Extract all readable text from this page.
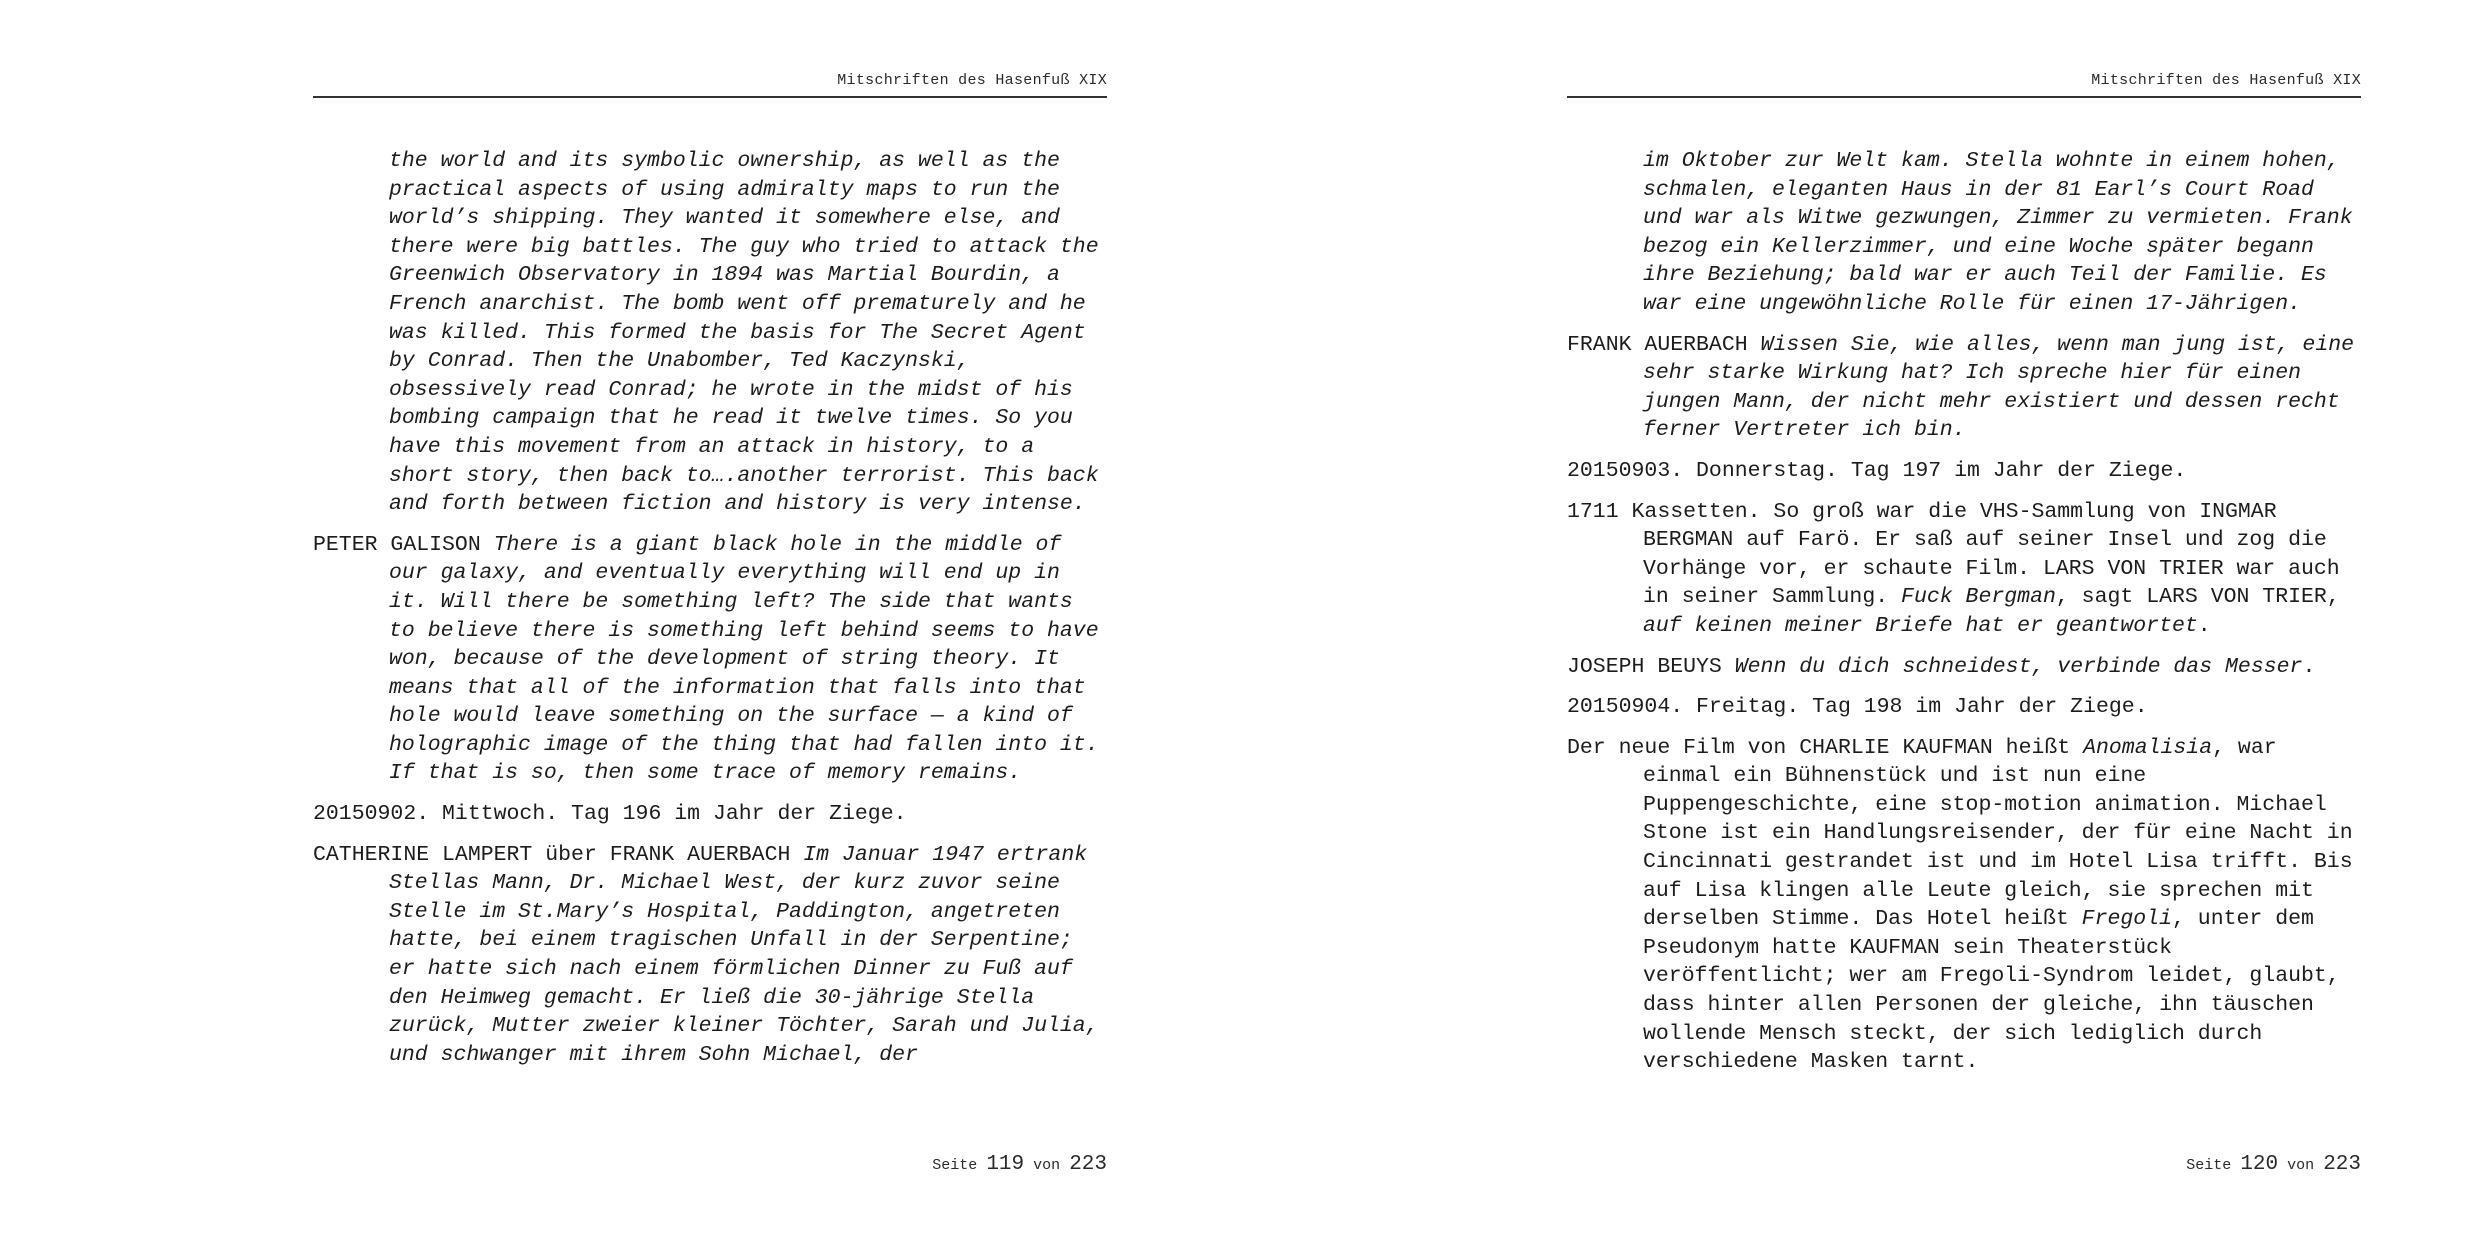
Mitschriften des Hasenfuß XIX

the world and its symbolic ownership, as well as the practical aspects of using admiralty maps to run the world’s shipping. They wanted it somewhere else, and there were big battles. The guy who tried to attack the Greenwich Observatory in 1894 was Martial Bourdin, a French anarchist. The bomb went off prematurely and he was killed. This formed the basis for The Secret Agent by Conrad. Then the Unabomber, Ted Kaczynski, obsessively read Conrad; he wrote in the midst of his bombing campaign that he read it twelve times. So you have this movement from an attack in history, to a short story, then back to….another terrorist. This back and forth between fiction and history is very intense.

PETER GALISON There is a giant black hole in the middle of our galaxy, and eventually everything will end up in it. Will there be something left? The side that wants to believe there is something left behind seems to have won, because of the development of string theory. It means that all of the information that falls into that hole would leave something on the surface — a kind of holographic image of the thing that had fallen into it. If that is so, then some trace of memory remains.

20150902. Mittwoch. Tag 196 im Jahr der Ziege.

CATHERINE LAMPERT über FRANK AUERBACH Im Januar 1947 ertrank Stellas Mann, Dr. Michael West, der kurz zuvor seine Stelle im St.Mary’s Hospital, Paddington, angetreten hatte, bei einem tragischen Unfall in der Serpentine; er hatte sich nach einem förmlichen Dinner zu Fuß auf den Heimweg gemacht. Er ließ die 30-jährige Stella zurück, Mutter zweier kleiner Töchter, Sarah und Julia, und schwanger mit ihrem Sohn Michael, der

Seite 119 von 223
Mitschriften des Hasenfuß XIX

im Oktober zur Welt kam. Stella wohnte in einem hohen, schmalen, eleganten Haus in der 81 Earl’s Court Road und war als Witwe gezwungen, Zimmer zu vermieten. Frank bezog ein Kellerzimmer, und eine Woche später begann ihre Beziehung; bald war er auch Teil der Familie. Es war eine ungewöhnliche Rolle für einen 17-Jährigen.

FRANK AUERBACH Wissen Sie, wie alles, wenn man jung ist, eine sehr starke Wirkung hat? Ich spreche hier für einen jungen Mann, der nicht mehr existiert und dessen recht ferner Vertreter ich bin.

20150903. Donnerstag. Tag 197 im Jahr der Ziege.

1711 Kassetten. So groß war die VHS-Sammlung von INGMAR BERGMAN auf Farö. Er saß auf seiner Insel und zog die Vorhänge vor, er schaute Film. LARS VON TRIER war auch in seiner Sammlung. Fuck Bergman, sagt LARS VON TRIER, auf keinen meiner Briefe hat er geantwortet.

JOSEPH BEUYS Wenn du dich schneidest, verbinde das Messer.

20150904. Freitag. Tag 198 im Jahr der Ziege.

Der neue Film von CHARLIE KAUFMAN heißt Anomalisia, war einmal ein Bühnenstück und ist nun eine Puppengeschichte, eine stop-motion animation. Michael Stone ist ein Handlungsreisender, der für eine Nacht in Cincinnati gestrandet ist und im Hotel Lisa trifft. Bis auf Lisa klingen alle Leute gleich, sie sprechen mit derselben Stimme. Das Hotel heißt Fregoli, unter dem Pseudonym hatte KAUFMAN sein Theaterstück veröffentlicht; wer am Fregoli-Syndrom leidet, glaubt, dass hinter allen Personen der gleiche, ihn täuschen wollende Mensch steckt, der sich lediglich durch verschiedene Masken tarnt.

Seite 120 von 223
